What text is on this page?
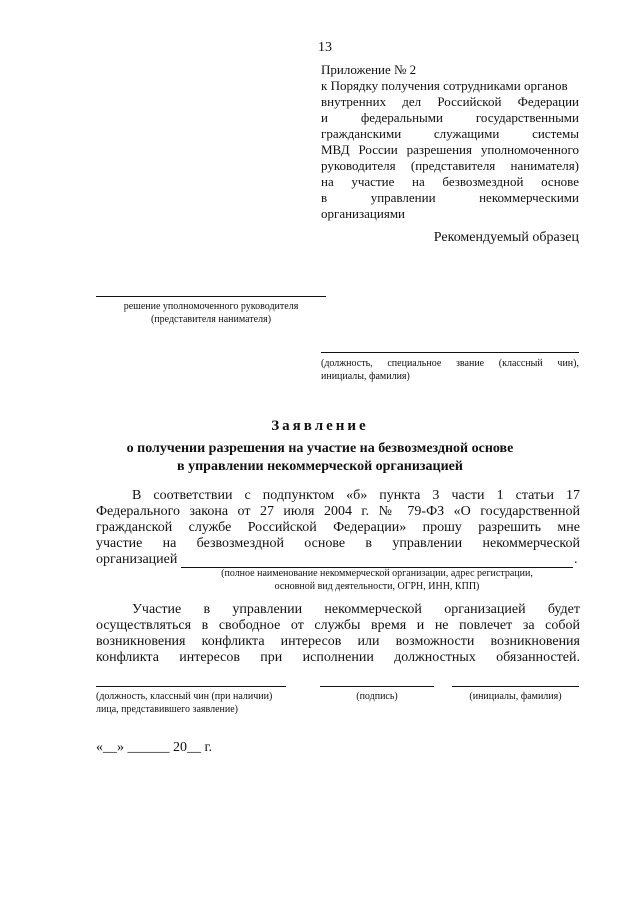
13
Приложение № 2
к Порядку получения сотрудниками органов
внутренних дел Российской Федерации
и федеральными государственными
гражданскими служащими системы
МВД России разрешения уполномоченного
руководителя (представителя нанимателя)
на участие на безвозмездной основе
в управлении некоммерческими
организациями
Рекомендуемый образец
решение уполномоченного руководителя
(представителя нанимателя)
(должность, специальное звание (классный чин),
инициалы, фамилия)
Заявление
о получении разрешения на участие на безвозмездной основе
в управлении некоммерческой организацией
В соответствии с подпунктом «б» пункта 3 части 1 статьи 17
Федерального закона от 27 июля 2004 г. № 79-ФЗ «О государственной
гражданской службе Российской Федерации» прошу разрешить мне
участие на безвозмездной основе в управлении некоммерческой
организацией	.
(полное наименование некоммерческой организации, адрес регистрации,
основной вид деятельности, ОГРН, ИНН, КПП)
Участие в управлении некоммерческой организацией будет
осуществляться в свободное от службы время и не повлечет за собой
возникновения конфликта интересов или возможности возникновения
конфликта интересов при исполнении должностных обязанностей.
(должность, классный чин (при наличии)
лица, представившего заявление)
(подпись)	(инициалы, фамилия)
«__» ______ 20__ г.
